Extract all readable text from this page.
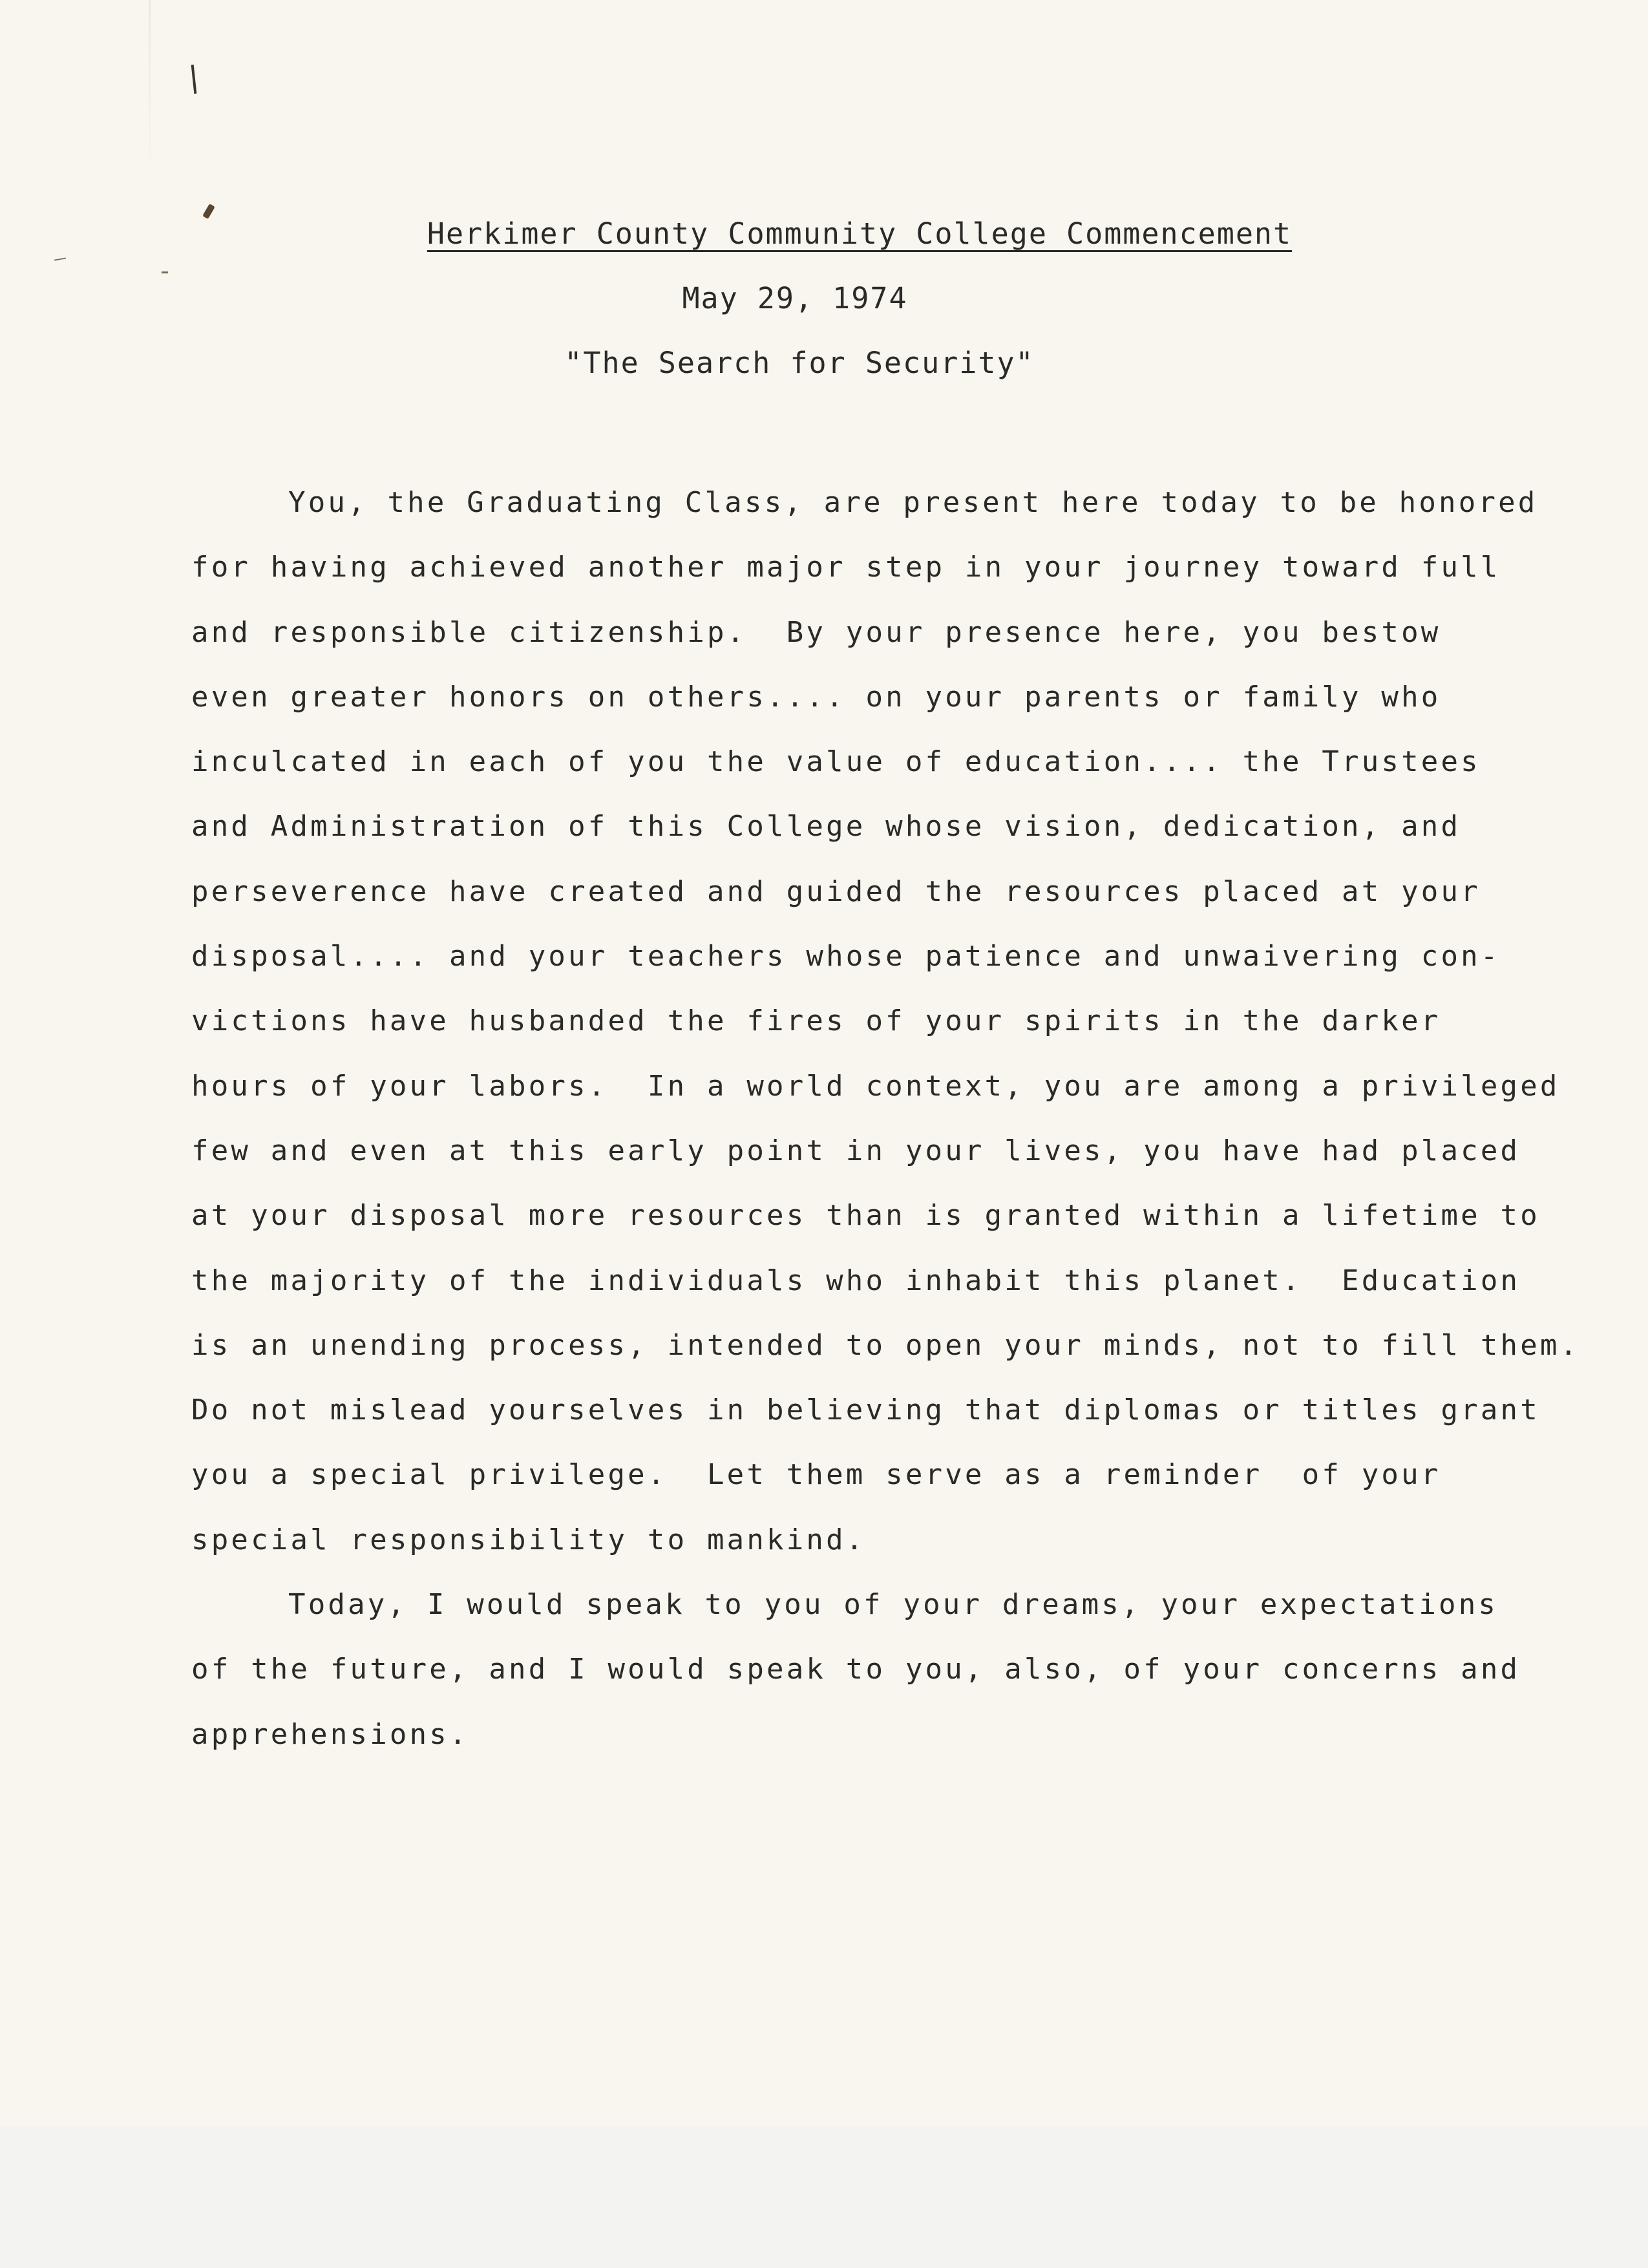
Herkimer County Community College Commencement
May 29, 1974
"The Search for Security"
You, the Graduating Class, are present here today to be honored
for having achieved another major step in your journey toward full
and responsible citizenship.  By your presence here, you bestow
even greater honors on others.... on your parents or family who
inculcated in each of you the value of education.... the Trustees
and Administration of this College whose vision, dedication, and
perseverence have created and guided the resources placed at your
disposal.... and your teachers whose patience and unwaivering con-
victions have husbanded the fires of your spirits in the darker
hours of your labors.  In a world context, you are among a privileged
few and even at this early point in your lives, you have had placed
at your disposal more resources than is granted within a lifetime to
the majority of the individuals who inhabit this planet.  Education
is an unending process, intended to open your minds, not to fill them.
Do not mislead yourselves in believing that diplomas or titles grant
you a special privilege.  Let them serve as a reminder  of your
special responsibility to mankind.
Today, I would speak to you of your dreams, your expectations
of the future, and I would speak to you, also, of your concerns and
apprehensions.
